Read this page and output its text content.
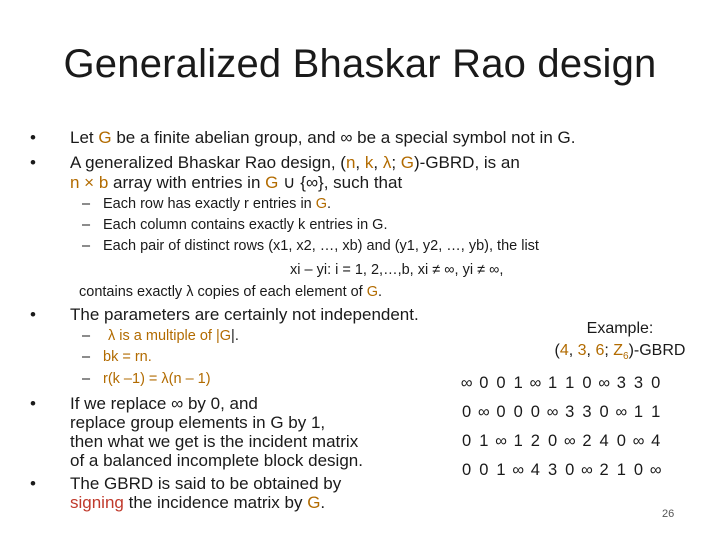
Generalized Bhaskar Rao design
• Let G be a finite abelian group, and ∞ be a special symbol not in G.
• A generalized Bhaskar Rao design, (n, k, λ; G)-GBRD, is an
n × b array with entries in G ∪ {∞}, such that
– Each row has exactly r entries in G.
– Each column contains exactly k entries in G.
– Each pair of distinct rows (x1, x2, …, xb) and (y1, y2, …, yb), the list
xi – yi: i = 1, 2,…,b, xi ≠ ∞, yi ≠ ∞,
contains exactly λ copies of each element of G.
• The parameters are certainly not independent.
– λ is a multiple of |G|.
– bk = rn.
– r(k –1) = λ(n – 1)
• If we replace ∞ by 0, and
replace group elements in G by 1,
then what we get is the incident matrix
of a balanced incomplete block design.
• The GBRD is said to be obtained by
signing the incidence matrix by G.
Example:
(4, 3, 6; $Z_6$)-GBRD
∞ 0 0 1 ∞ 1 1 0 ∞ 3 3 0
0 ∞ 0 0 0 ∞ 3 3 0 ∞ 1 1
0 1 ∞ 1 2 0 ∞ 2 4 0 ∞ 4
0 0 1 ∞ 4 3 0 ∞ 2 1 0 ∞
26
